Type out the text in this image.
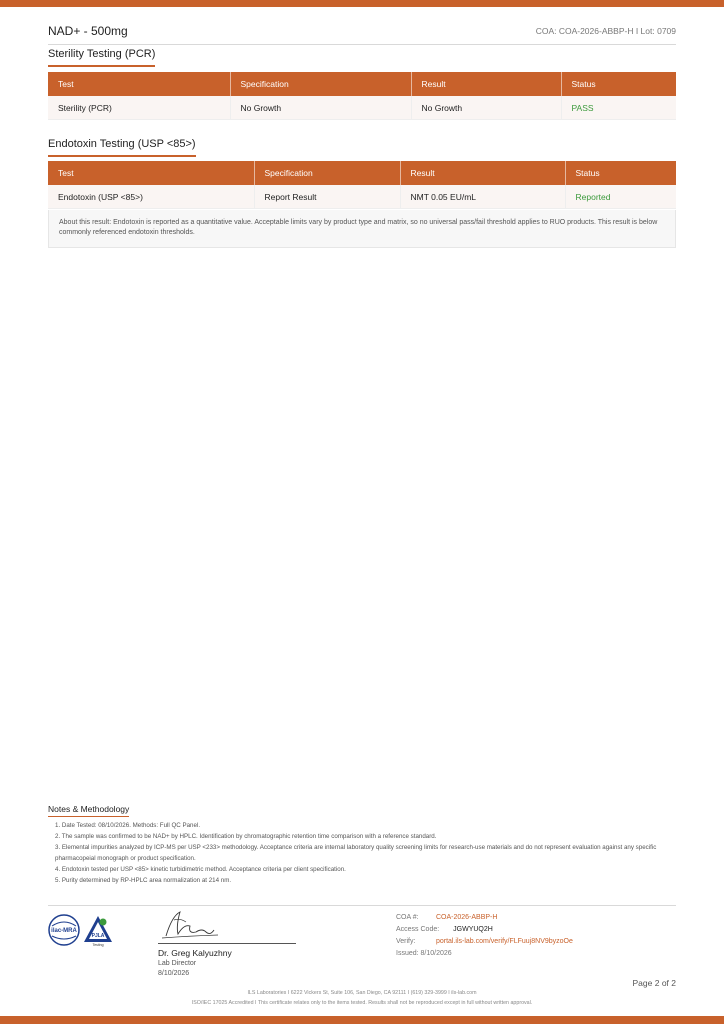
NAD+ - 500mg	COA: COA-2026-ABBP-H I Lot: 0709
Sterility Testing (PCR)
Test	Specification	Result	Status
Sterility (PCR)	No Growth	No Growth	PASS
Endotoxin Testing (USP <85>)
Test	Specification	Result	Status
Endotoxin (USP <85>)	Report Result	NMT 0.05 EU/mL	Reported
About this result: Endotoxin is reported as a quantitative value. Acceptable limits vary by product type and matrix, so no universal pass/fail threshold applies to RUO products. This result is below commonly referenced endotoxin thresholds.
Notes & Methodology
1. Date Tested: 08/10/2026. Methods: Full QC Panel.
2. The sample was confirmed to be NAD+ by HPLC. Identification by chromatographic retention time comparison with a reference standard.
3. Elemental impurities analyzed by ICP-MS per USP <233> methodology. Acceptance criteria are internal laboratory quality screening limits for research-use materials and do not represent evaluation against any specific pharmacopeial monograph or product specification.
4. Endotoxin tested per USP <85> kinetic turbidimetric method. Acceptance criteria per client specification.
5. Purity determined by RP-HPLC area normalization at 214 nm.
ilac-MRA
PJLA
Testing
Dr. Greg Kalyuzhny
Lab Director
8/10/2026
COA #: COA-2026-ABBP-H
Access Code: JGWYUQ2H
Verify:	portal.ils-lab.com/verify/FLFuuj8NV9byzoOe
Issued: 8/10/2026
Page 2 of 2
ILS Laboratories I 6222 Vickers St, Suite 106, San Diego, CA 92111 I (619) 329-3999 I ils-lab.com
ISO/IEC 17025 Accredited I This certificate relates only to the items tested. Results shall not be reproduced except in full without written approval.
